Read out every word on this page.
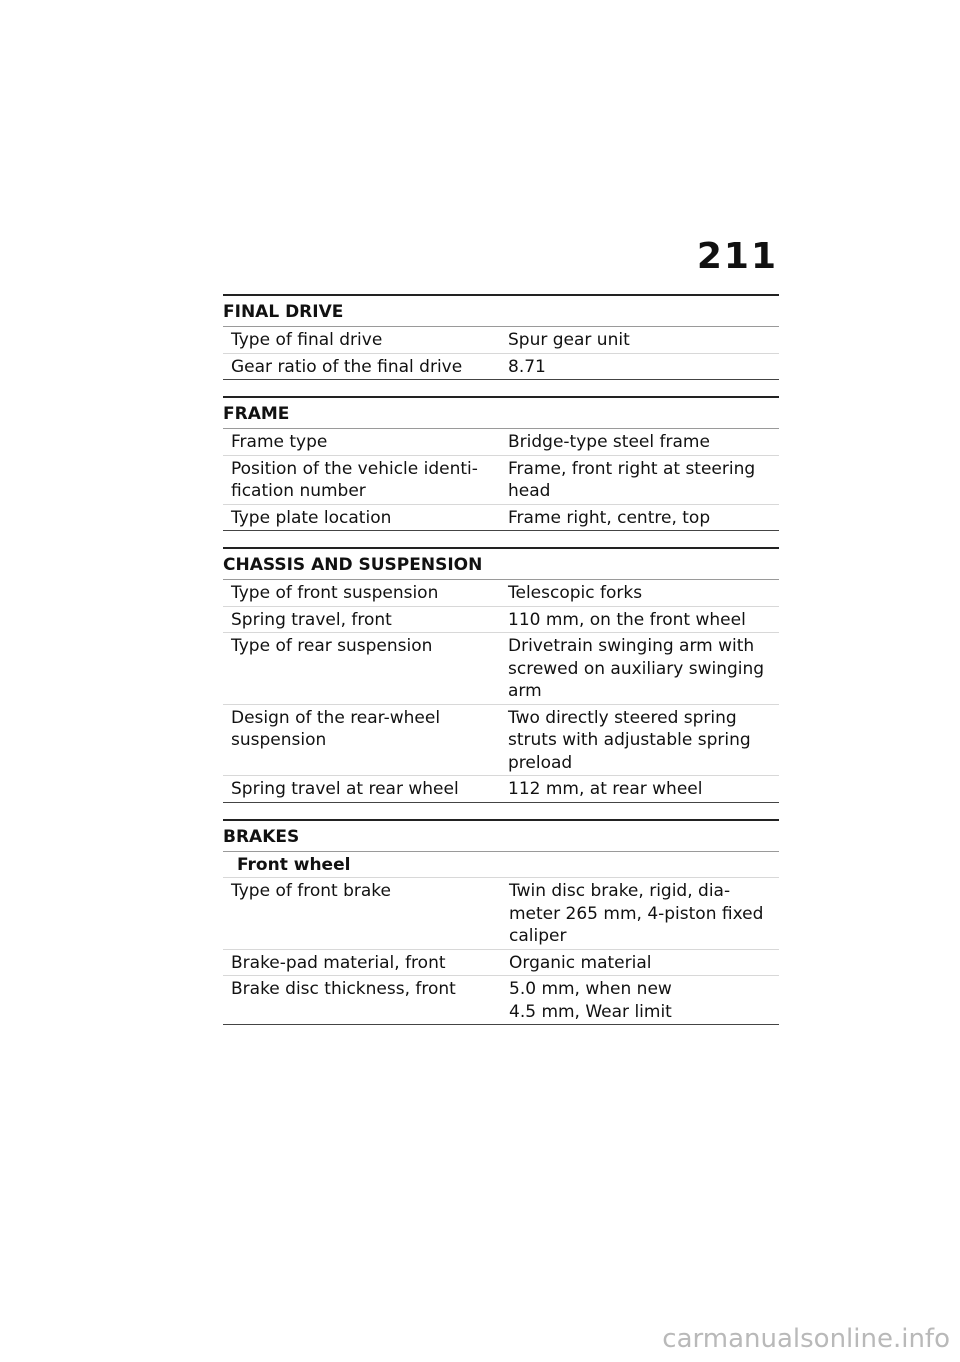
211
FINAL DRIVE
Type of final drive	Spur gear unit
Gear ratio of the final drive	8.71
FRAME
Frame type	Bridge-type steel frame
Position of the vehicle identi-
fication number	Frame, front right at steering
head
Type plate location	Frame right, centre, top
CHASSIS AND SUSPENSION
Type of front suspension	Telescopic forks
Spring travel, front	110 mm, on the front wheel
Type of rear suspension	Drivetrain swinging arm with
screwed on auxiliary swinging
arm
Design of the rear-wheel
suspension	Two directly steered spring
struts with adjustable spring
preload
Spring travel at rear wheel	112 mm, at rear wheel
BRAKES
Front wheel	
Type of front brake	Twin disc brake, rigid, dia-
meter 265 mm, 4-piston fixed
caliper
Brake-pad material, front	Organic material
Brake disc thickness, front	5.0 mm, when new
4.5 mm, Wear limit
carmanualsonline.info
